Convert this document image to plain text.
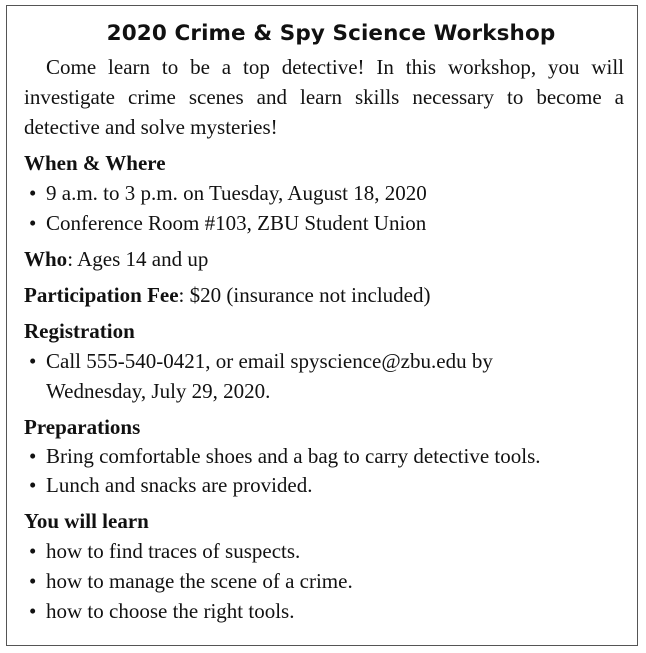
2020 Crime & Spy Science Workshop

Come learn to be a top detective! In this workshop, you will investigate crime scenes and learn skills necessary to become a detective and solve mysteries!

When & Where
• 9 a.m. to 3 p.m. on Tuesday, August 18, 2020
• Conference Room #103, ZBU Student Union
Who: Ages 14 and up
Participation Fee: $20 (insurance not included)
Registration
• Call 555-540-0421, or email spyscience@zbu.edu by Wednesday, July 29, 2020.
Preparations
• Bring comfortable shoes and a bag to carry detective tools.
• Lunch and snacks are provided.
You will learn
• how to find traces of suspects.
• how to manage the scene of a crime.
• how to choose the right tools.
